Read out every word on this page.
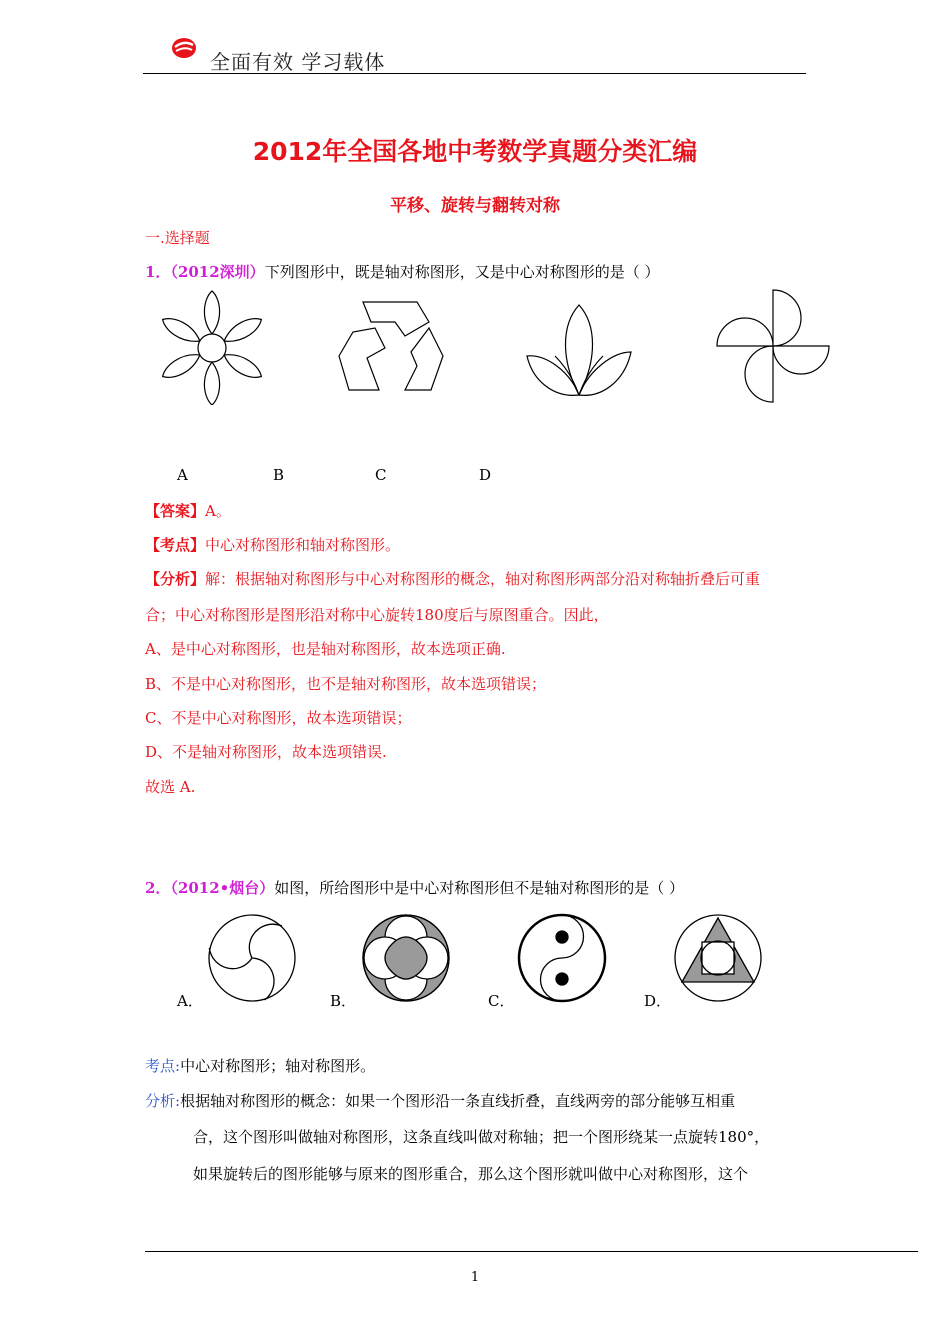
全面有效 学习载体
2012年全国各地中考数学真题分类汇编
平移、旋转与翻转对称
一.选择题
1．（2012深圳）下列图形中，既是轴对称图形，又是中心对称图形的是（ ）
A	B	C	D
【答案】A。
【考点】中心对称图形和轴对称图形。
【分析】解：根据轴对称图形与中心对称图形的概念，轴对称图形两部分沿对称轴折叠后可重
合；中心对称图形是图形沿对称中心旋转180度后与原图重合。因此，
A、是中心对称图形，也是轴对称图形，故本选项正确.
B、不是中心对称图形，也不是轴对称图形，故本选项错误；
C、不是中心对称图形，故本选项错误；
D、不是轴对称图形，故本选项错误.
故选 A.
2．（2012•烟台）如图，所给图形中是中心对称图形但不是轴对称图形的是（ ）
A．	B．	C．	D．
考点:中心对称图形；轴对称图形。
分析:根据轴对称图形的概念：如果一个图形沿一条直线折叠，直线两旁的部分能够互相重
合，这个图形叫做轴对称图形，这条直线叫做对称轴；把一个图形绕某一点旋转180°，
如果旋转后的图形能够与原来的图形重合，那么这个图形就叫做中心对称图形，这个
1
